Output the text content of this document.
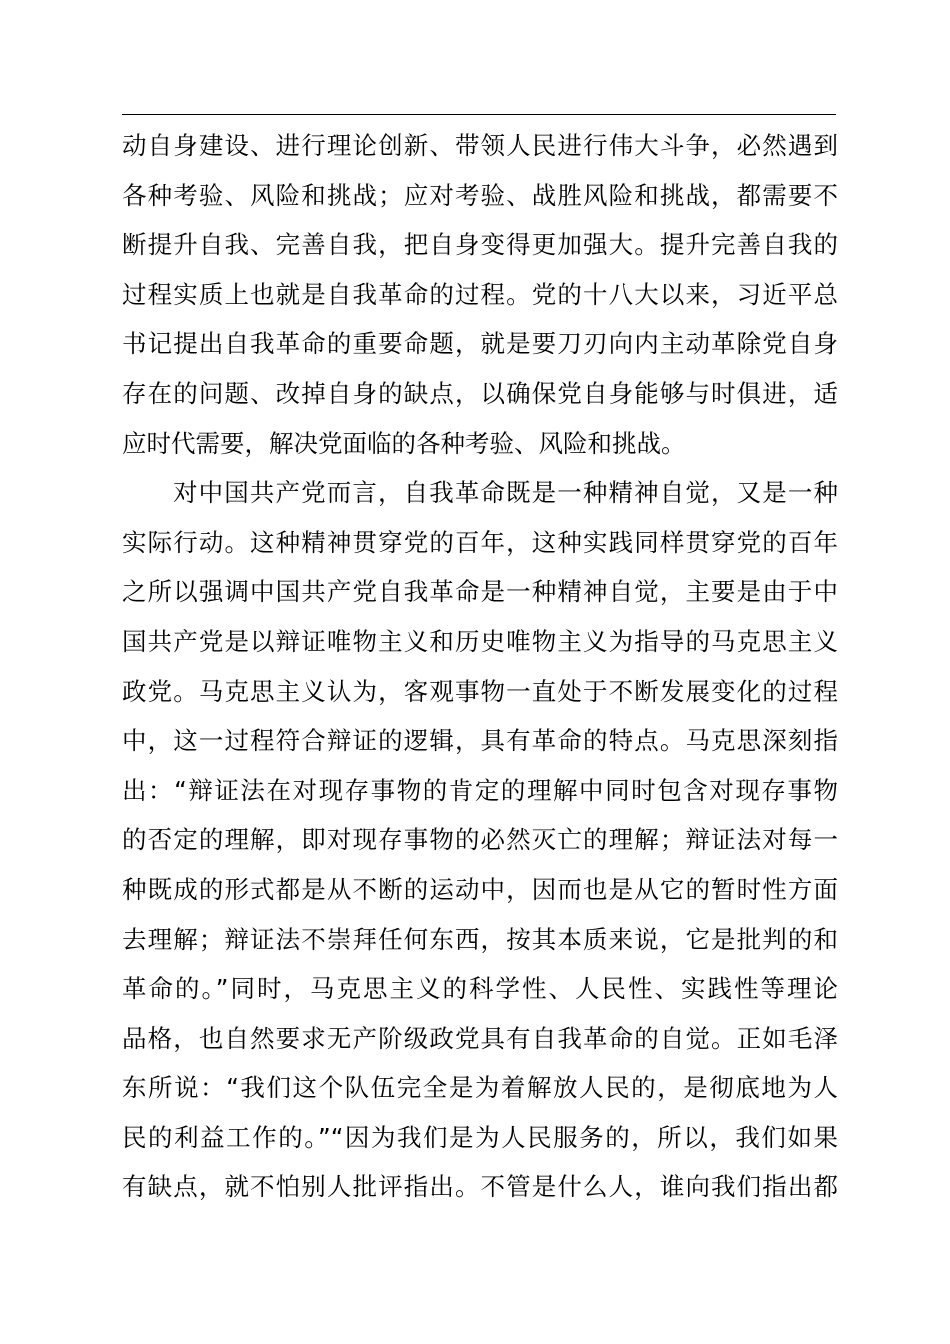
动自身建设、进行理论创新、带领人民进行伟大斗争，必然遇到
各种考验、风险和挑战；应对考验、战胜风险和挑战，都需要不
断提升自我、完善自我，把自身变得更加强大。提升完善自我的
过程实质上也就是自我革命的过程。党的十八大以来，习近平总
书记提出自我革命的重要命题，就是要刀刃向内主动革除党自身
存在的问题、改掉自身的缺点，以确保党自身能够与时俱进，适
应时代需要，解决党面临的各种考验、风险和挑战。
对中国共产党而言，自我革命既是一种精神自觉，又是一种
实际行动。这种精神贯穿党的百年，这种实践同样贯穿党的百年
之所以强调中国共产党自我革命是一种精神自觉，主要是由于中
国共产党是以辩证唯物主义和历史唯物主义为指导的马克思主义
政党。马克思主义认为，客观事物一直处于不断发展变化的过程
中，这一过程符合辩证的逻辑，具有革命的特点。马克思深刻指
出：“辩证法在对现存事物的肯定的理解中同时包含对现存事物
的否定的理解，即对现存事物的必然灭亡的理解；辩证法对每一
种既成的形式都是从不断的运动中，因而也是从它的暂时性方面
去理解；辩证法不崇拜任何东西，按其本质来说，它是批判的和
革命的。”同时，马克思主义的科学性、人民性、实践性等理论
品格，也自然要求无产阶级政党具有自我革命的自觉。正如毛泽
东所说：“我们这个队伍完全是为着解放人民的，是彻底地为人
民的利益工作的。”“因为我们是为人民服务的，所以，我们如果
有缺点，就不怕别人批评指出。不管是什么人，谁向我们指出都
